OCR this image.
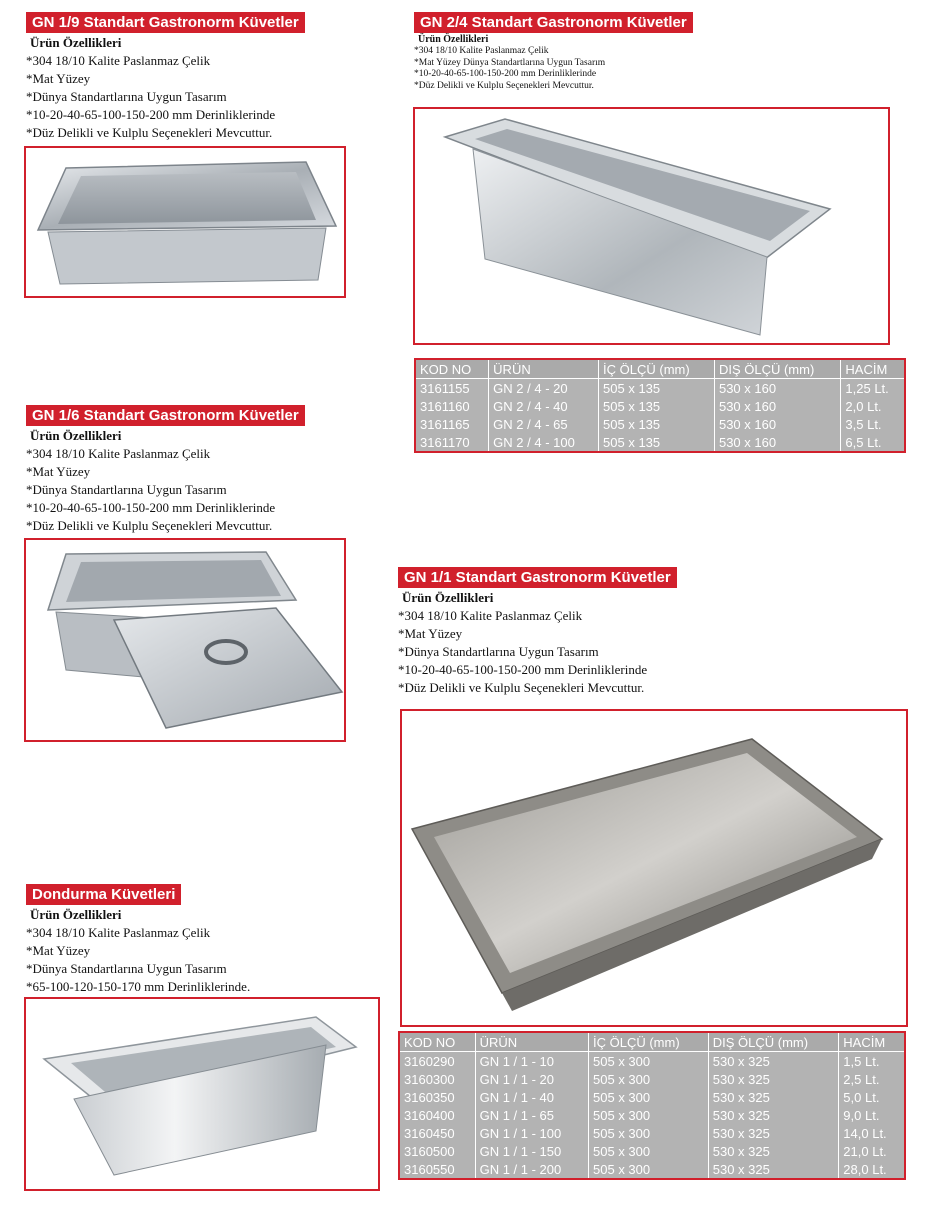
GN 1/9 Standart Gastronorm Küvetler
Ürün Özellikleri
*304 18/10 Kalite Paslanmaz Çelik
*Mat Yüzey
*Dünya Standartlarına Uygun Tasarım
*10-20-40-65-100-150-200 mm Derinliklerinde
*Düz Delikli ve Kulplu Seçenekleri Mevcuttur.
GN 2/4 Standart Gastronorm Küvetler
Ürün Özellikleri
*304 18/10 Kalite Paslanmaz Çelik
*Mat Yüzey Dünya Standartlarına Uygun Tasarım
*10-20-40-65-100-150-200 mm Derinliklerinde
*Düz Delikli ve Kulplu Seçenekleri Mevcuttur.
KOD NO	ÜRÜN	İÇ ÖLÇÜ (mm)	DIŞ ÖLÇÜ (mm)	HACİM
3161155	GN 2 / 4 - 20	505 x 135	530 x 160	1,25 Lt.
3161160	GN 2 / 4 - 40	505 x 135	530 x 160	2,0 Lt.
3161165	GN 2 / 4 - 65	505 x 135	530 x 160	3,5 Lt.
3161170	GN 2 / 4 - 100	505 x 135	530 x 160	6,5 Lt.
GN 1/6 Standart Gastronorm Küvetler
Ürün Özellikleri
*304 18/10 Kalite Paslanmaz Çelik
*Mat Yüzey
*Dünya Standartlarına Uygun Tasarım
*10-20-40-65-100-150-200 mm Derinliklerinde
*Düz Delikli ve Kulplu Seçenekleri Mevcuttur.
GN 1/1 Standart Gastronorm Küvetler
Ürün Özellikleri
*304 18/10 Kalite Paslanmaz Çelik
*Mat Yüzey
*Dünya Standartlarına Uygun Tasarım
*10-20-40-65-100-150-200 mm Derinliklerinde
*Düz Delikli ve Kulplu Seçenekleri Mevcuttur.
KOD NO	ÜRÜN	İÇ ÖLÇÜ (mm)	DIŞ ÖLÇÜ (mm)	HACİM
3160290	GN 1 / 1 - 10	505 x 300	530 x 325	1,5 Lt.
3160300	GN 1 / 1 - 20	505 x 300	530 x 325	2,5 Lt.
3160350	GN 1 / 1 - 40	505 x 300	530 x 325	5,0 Lt.
3160400	GN 1 / 1 - 65	505 x 300	530 x 325	9,0 Lt.
3160450	GN 1 / 1 - 100	505 x 300	530 x 325	14,0 Lt.
3160500	GN 1 / 1 - 150	505 x 300	530 x 325	21,0 Lt.
3160550	GN 1 / 1 - 200	505 x 300	530 x 325	28,0 Lt.
Dondurma Küvetleri
Ürün Özellikleri
*304 18/10 Kalite Paslanmaz Çelik
*Mat Yüzey
*Dünya Standartlarına Uygun Tasarım
*65-100-120-150-170 mm Derinliklerinde.
